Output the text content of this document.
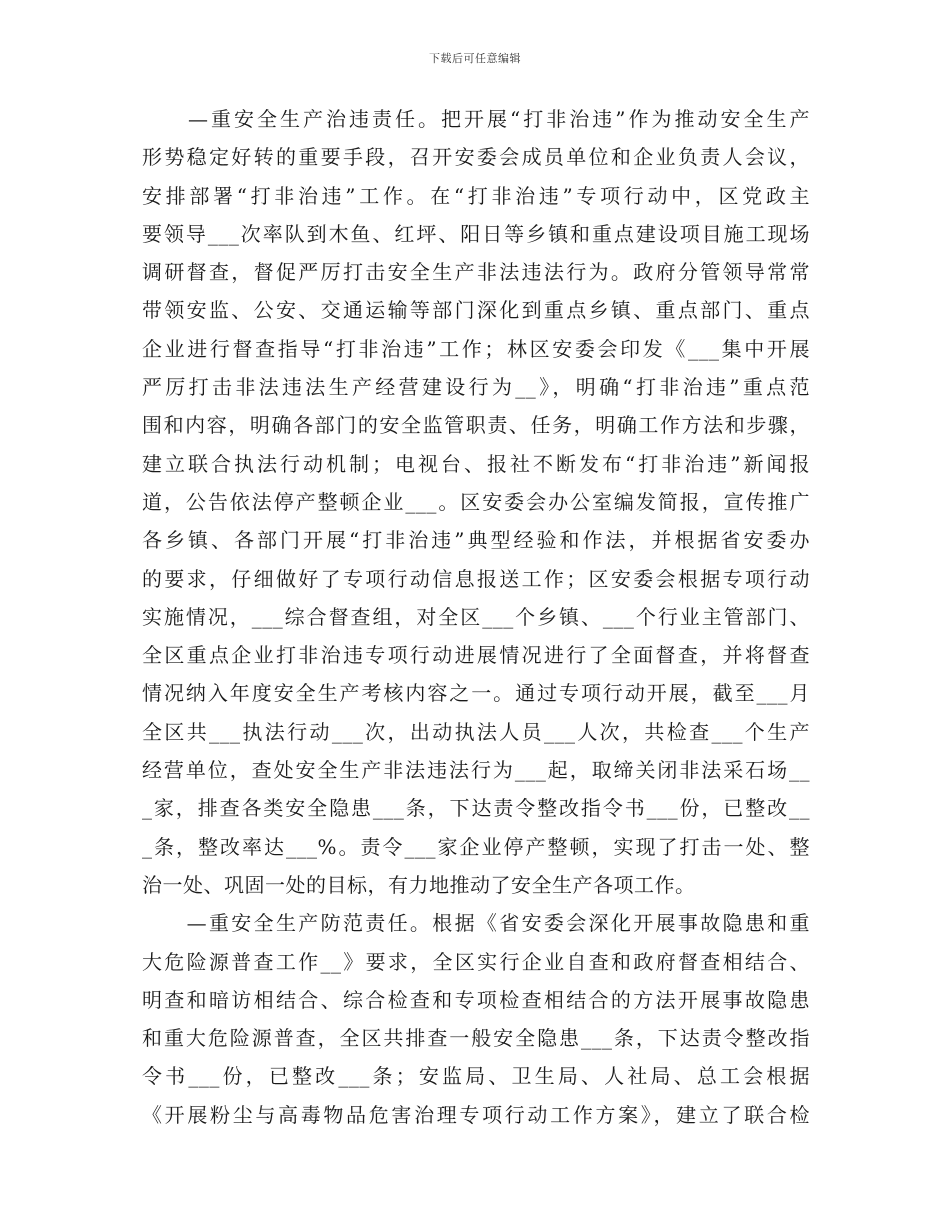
下载后可任意编辑
　　—重安全生产治违责任。把开展“打非治违”作为推动安全生产
形势稳定好转的重要手段，召开安委会成员单位和企业负责人会议，
安排部署“打非治违”工作。在“打非治违”专项行动中，区党政主
要领导___次率队到木鱼、红坪、阳日等乡镇和重点建设项目施工现场
调研督查，督促严厉打击安全生产非法违法行为。政府分管领导常常
带领安监、公安、交通运输等部门深化到重点乡镇、重点部门、重点
企业进行督查指导“打非治违”工作；林区安委会印发《___集中开展
严厉打击非法违法生产经营建设行为__》，明确“打非治违”重点范
围和内容，明确各部门的安全监管职责、任务，明确工作方法和步骤，
建立联合执法行动机制；电视台、报社不断发布“打非治违”新闻报
道，公告依法停产整顿企业___。区安委会办公室编发简报，宣传推广
各乡镇、各部门开展“打非治违”典型经验和作法，并根据省安委办
的要求，仔细做好了专项行动信息报送工作；区安委会根据专项行动
实施情况，___综合督查组，对全区___个乡镇、___个行业主管部门、
全区重点企业打非治违专项行动进展情况进行了全面督查，并将督查
情况纳入年度安全生产考核内容之一。通过专项行动开展，截至___月
全区共___执法行动___次，出动执法人员___人次，共检查___个生产
经营单位，查处安全生产非法违法行为___起，取缔关闭非法采石场__
_家，排查各类安全隐患___条，下达责令整改指令书___份，已整改__
_条，整改率达___%。责令___家企业停产整顿，实现了打击一处、整
治一处、巩固一处的目标，有力地推动了安全生产各项工作。
　　—重安全生产防范责任。根据《省安委会深化开展事故隐患和重
大危险源普查工作__》要求，全区实行企业自查和政府督查相结合、
明查和暗访相结合、综合检查和专项检查相结合的方法开展事故隐患
和重大危险源普查，全区共排查一般安全隐患___条，下达责令整改指
令书___份，已整改___条；安监局、卫生局、人社局、总工会根据
《开展粉尘与高毒物品危害治理专项行动工作方案》，建立了联合检
